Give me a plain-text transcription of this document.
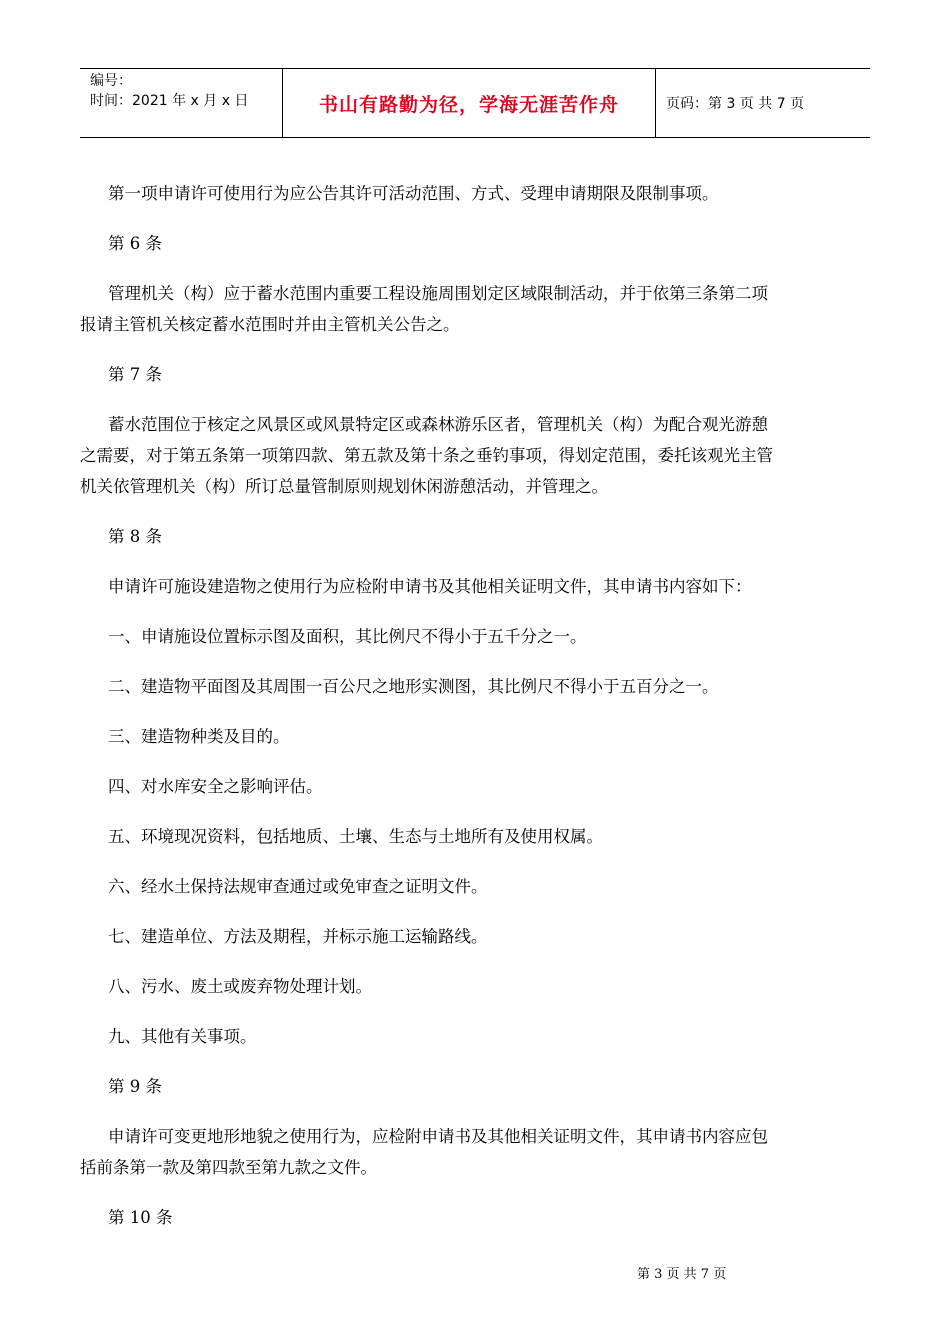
编号：
时间：2021 年 x 月 x 日	书山有路勤为径，学海无涯苦作舟	页码：第 3 页 共 7 页

第一项申请许可使用行为应公告其许可活动范围、方式、受理申请期限及限制事项。

第 6 条

管理机关（构）应于蓄水范围内重要工程设施周围划定区域限制活动，并于依第三条第二项
报请主管机关核定蓄水范围时并由主管机关公告之。

第 7 条

蓄水范围位于核定之风景区或风景特定区或森林游乐区者，管理机关（构）为配合观光游憩
之需要，对于第五条第一项第四款、第五款及第十条之垂钓事项，得划定范围，委托该观光主管
机关依管理机关（构）所订总量管制原则规划休闲游憩活动，并管理之。

第 8 条

申请许可施设建造物之使用行为应检附申请书及其他相关证明文件，其申请书内容如下：

一、申请施设位置标示图及面积，其比例尺不得小于五千分之一。

二、建造物平面图及其周围一百公尺之地形实测图，其比例尺不得小于五百分之一。

三、建造物种类及目的。

四、对水库安全之影响评估。

五、环境现况资料，包括地质、土壤、生态与土地所有及使用权属。

六、经水土保持法规审查通过或免审查之证明文件。

七、建造单位、方法及期程，并标示施工运输路线。

八、污水、废土或废弃物处理计划。

九、其他有关事项。

第 9 条

申请许可变更地形地貌之使用行为，应检附申请书及其他相关证明文件，其申请书内容应包
括前条第一款及第四款至第九款之文件。

第 10 条

第 3 页 共 7 页
